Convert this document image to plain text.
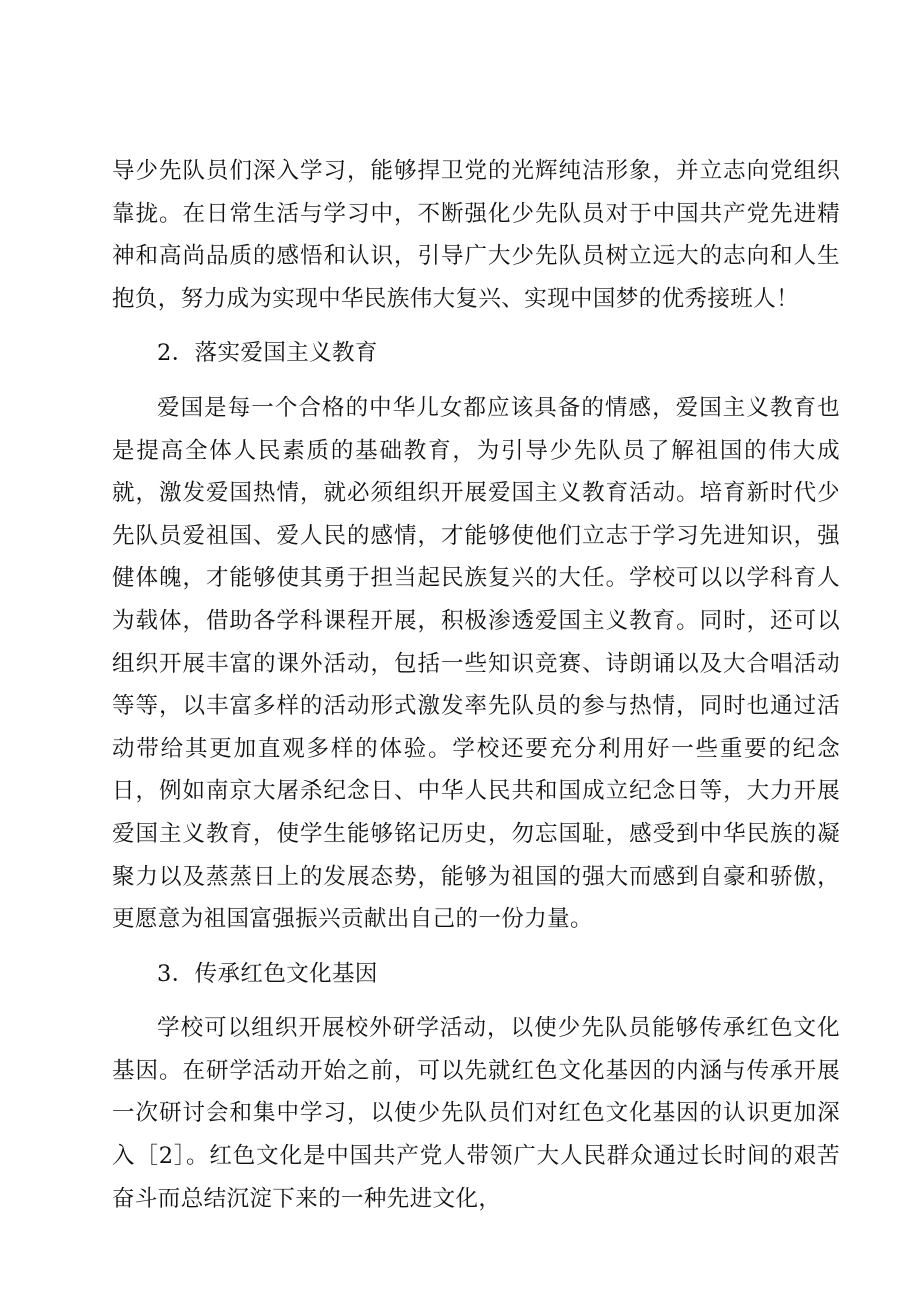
导少先队员们深入学习，能够捍卫党的光辉纯洁形象，并立志向党组织靠拢。在日常生活与学习中，不断强化少先队员对于中国共产党先进精神和高尚品质的感悟和认识，引导广大少先队员树立远大的志向和人生抱负，努力成为实现中华民族伟大复兴、实现中国梦的优秀接班人！

2．落实爱国主义教育

爱国是每一个合格的中华儿女都应该具备的情感，爱国主义教育也是提高全体人民素质的基础教育，为引导少先队员了解祖国的伟大成就，激发爱国热情，就必须组织开展爱国主义教育活动。培育新时代少先队员爱祖国、爱人民的感情，才能够使他们立志于学习先进知识，强健体魄，才能够使其勇于担当起民族复兴的大任。学校可以以学科育人为载体，借助各学科课程开展，积极渗透爱国主义教育。同时，还可以组织开展丰富的课外活动，包括一些知识竞赛、诗朗诵以及大合唱活动等等，以丰富多样的活动形式激发率先队员的参与热情，同时也通过活动带给其更加直观多样的体验。学校还要充分利用好一些重要的纪念日，例如南京大屠杀纪念日、中华人民共和国成立纪念日等，大力开展爱国主义教育，使学生能够铭记历史，勿忘国耻，感受到中华民族的凝聚力以及蒸蒸日上的发展态势，能够为祖国的强大而感到自豪和骄傲，更愿意为祖国富强振兴贡献出自己的一份力量。

3．传承红色文化基因

学校可以组织开展校外研学活动，以使少先队员能够传承红色文化基因。在研学活动开始之前，可以先就红色文化基因的内涵与传承开展一次研讨会和集中学习，以使少先队员们对红色文化基因的认识更加深入［2］。红色文化是中国共产党人带领广大人民群众通过长时间的艰苦奋斗而总结沉淀下来的一种先进文化，
